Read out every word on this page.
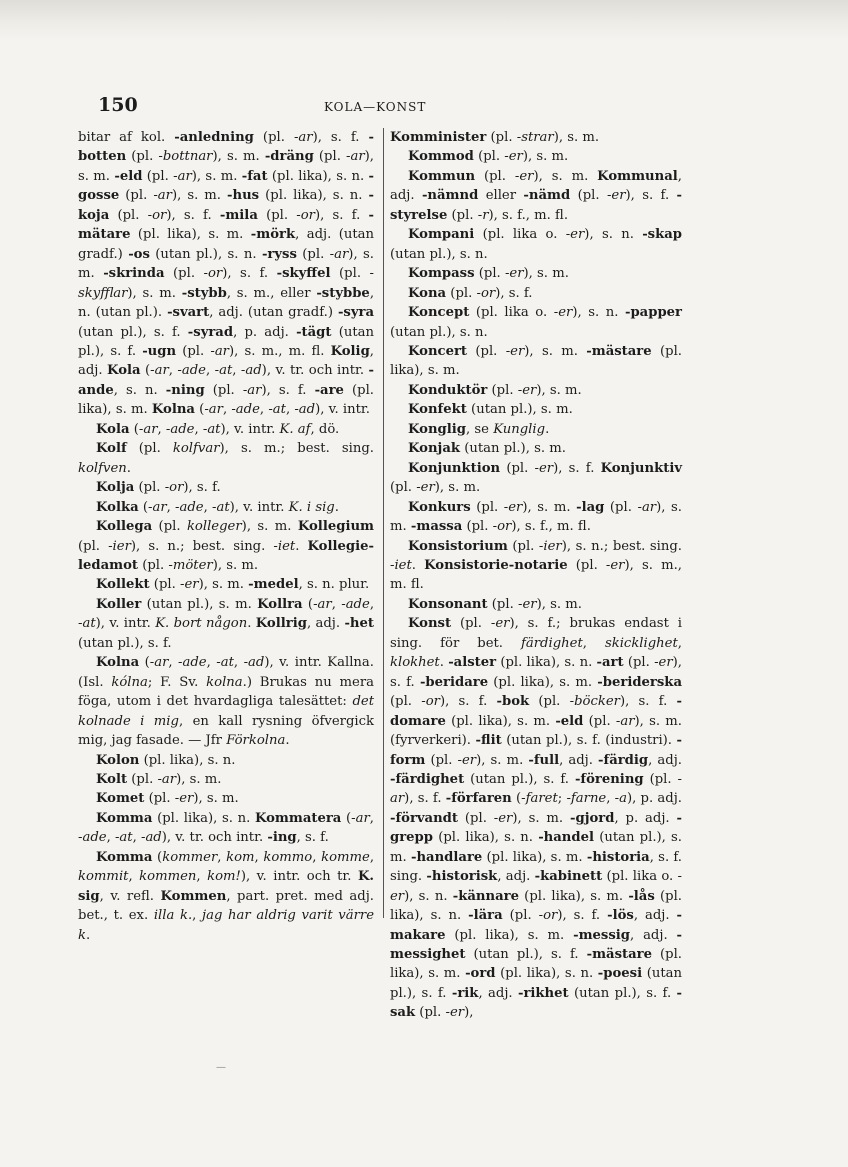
150	KOLA—KONST

bitar af kol. -anledning (pl. -ar), s. f. -botten (pl. -bottnar), s. m. -dräng (pl. -ar), s. m. -eld (pl. -ar), s. m. -fat (pl. lika), s. n. -gosse (pl. -ar), s. m. -hus (pl. lika), s. n. -koja (pl. -or), s. f. -mila (pl. -or), s. f. -mätare (pl. lika), s. m. -mörk, adj. (utan gradf.) -os (utan pl.), s. n. -ryss (pl. -ar), s. m. -skrinda (pl. -or), s. f. -skyffel (pl. -skyfflar), s. m. -stybb, s. m., eller -stybbe, n. (utan pl.). -svart, adj. (utan gradf.) -syra (utan pl.), s. f. -syrad, p. adj. -tägt (utan pl.), s. f. -ugn (pl. -ar), s. m., m. fl. Kolig, adj. Kola (-ar, -ade, -at, -ad), v. tr. och intr. -ande, s. n. -ning (pl. -ar), s. f. -are (pl. lika), s. m. Kolna (-ar, -ade, -at, -ad), v. intr.

Kola (-ar, -ade, -at), v. intr. K. af, dö.

Kolf (pl. kolfvar), s. m.; best. sing. kolfven.

Kolja (pl. -or), s. f.

Kolka (-ar, -ade, -at), v. intr. K. i sig.

Kollega (pl. kolleger), s. m. Kollegium (pl. -ier), s. n.; best. sing. -iet. Kollegie-ledamot (pl. -möter), s. m.

Kollekt (pl. -er), s. m. -medel, s. n. plur.

Koller (utan pl.), s. m. Kollra (-ar, -ade, -at), v. intr. K. bort någon. Kollrig, adj. -het (utan pl.), s. f.

Kolna (-ar, -ade, -at, -ad), v. intr. Kallna. (Isl. kólna; F. Sv. kolna.) Brukas nu mera föga, utom i det hvardagliga talesättet: det kolnade i mig, en kall rysning öfvergick mig, jag fasade. — Jfr Förkolna.

Kolon (pl. lika), s. n.

Kolt (pl. -ar), s. m.

Komet (pl. -er), s. m.

Komma (pl. lika), s. n. Kommatera (-ar, -ade, -at, -ad), v. tr. och intr. -ing, s. f.

Komma (kommer, kom, kommo, komme, kommit, kommen, kom!), v. intr. och tr. K. sig, v. refl. Kommen, part. pret. med adj. bet., t. ex. illa k., jag har aldrig varit värre k.

Komminister (pl. -strar), s. m.

Kommod (pl. -er), s. m.

Kommun (pl. -er), s. m. Kommunal, adj. -nämnd eller -nämd (pl. -er), s. f. -styrelse (pl. -r), s. f., m. fl.

Kompani (pl. lika o. -er), s. n. -skap (utan pl.), s. n.

Kompass (pl. -er), s. m.

Kona (pl. -or), s. f.

Koncept (pl. lika o. -er), s. n. -papper (utan pl.), s. n.

Koncert (pl. -er), s. m. -mästare (pl. lika), s. m.

Konduktör (pl. -er), s. m.

Konfekt (utan pl.), s. m.

Konglig, se Kunglig.

Konjak (utan pl.), s. m.

Konjunktion (pl. -er), s. f. Konjunktiv (pl. -er), s. m.

Konkurs (pl. -er), s. m. -lag (pl. -ar), s. m. -massa (pl. -or), s. f., m. fl.

Konsistorium (pl. -ier), s. n.; best. sing. -iet. Konsistorie-notarie (pl. -er), s. m., m. fl.

Konsonant (pl. -er), s. m.

Konst (pl. -er), s. f.; brukas endast i sing. för bet. färdighet, skicklighet, klokhet. -alster (pl. lika), s. n. -art (pl. -er), s. f. -beridare (pl. lika), s. m. -beriderska (pl. -or), s. f. -bok (pl. -böcker), s. f. -domare (pl. lika), s. m. -eld (pl. -ar), s. m. (fyrverkeri). -flit (utan pl.), s. f. (industri). -form (pl. -er), s. m. -full, adj. -färdig, adj. -färdighet (utan pl.), s. f. -förening (pl. -ar), s. f. -förfaren (-faret; -farne, -a), p. adj. -förvandt (pl. -er), s. m. -gjord, p. adj. -grepp (pl. lika), s. n. -handel (utan pl.), s. m. -handlare (pl. lika), s. m. -historia, s. f. sing. -historisk, adj. -kabinett (pl. lika o. -er), s. n. -kännare (pl. lika), s. m. -lås (pl. lika), s. n. -lära (pl. -or), s. f. -lös, adj. -makare (pl. lika), s. m. -messig, adj. -messighet (utan pl.), s. f. -mästare (pl. lika), s. m. -ord (pl. lika), s. n. -poesi (utan pl.), s. f. -rik, adj. -rikhet (utan pl.), s. f. -sak (pl. -er),

—
